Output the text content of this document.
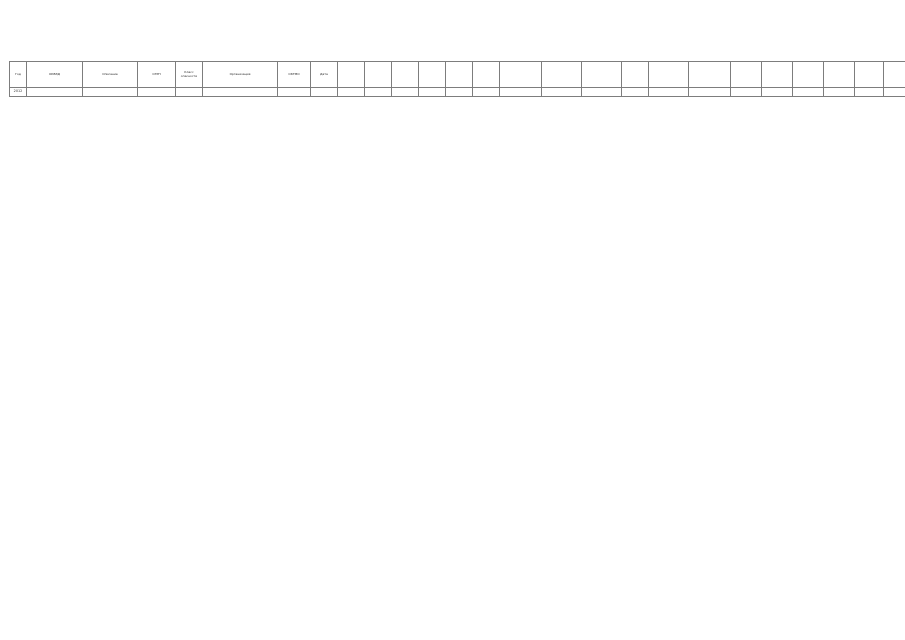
Год	ОКВЭД	Описание	ОГРН	Класс опасности	Организация	ОКТМО	Дата																			
2012																										
